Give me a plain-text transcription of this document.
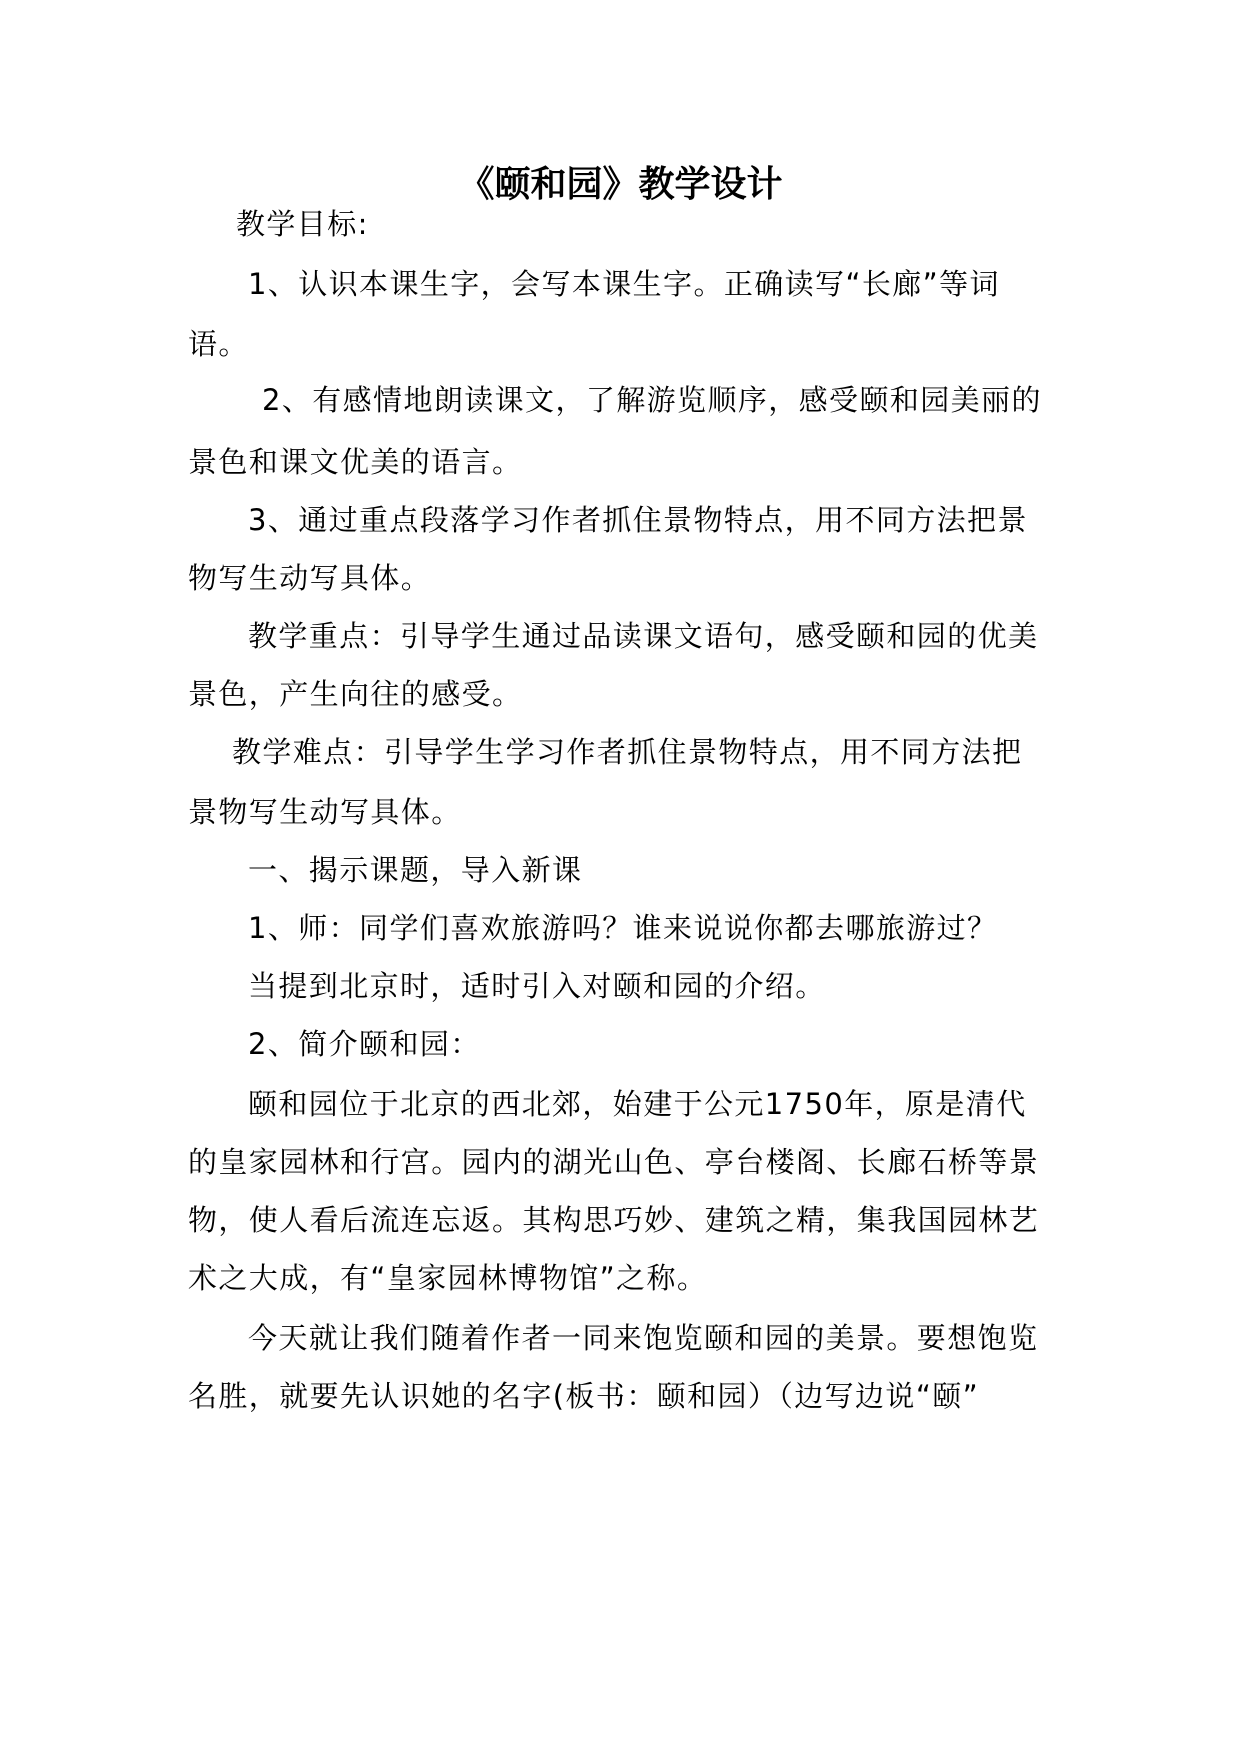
《颐和园》教学设计
教学目标:
1、认识本课生字，会写本课生字。正确读写“长廊”等词
语。
2、有感情地朗读课文，了解游览顺序，感受颐和园美丽的
景色和课文优美的语言。
3、通过重点段落学习作者抓住景物特点，用不同方法把景
物写生动写具体。
教学重点：引导学生通过品读课文语句，感受颐和园的优美
景色，产生向往的感受。
教学难点：引导学生学习作者抓住景物特点，用不同方法把
景物写生动写具体。
一、揭示课题，导入新课
1、师：同学们喜欢旅游吗？谁来说说你都去哪旅游过？
当提到北京时，适时引入对颐和园的介绍。
2、简介颐和园：
颐和园位于北京的西北郊，始建于公元1750年，原是清代
的皇家园林和行宫。园内的湖光山色、亭台楼阁、长廊石桥等景
物，使人看后流连忘返。其构思巧妙、建筑之精，集我国园林艺
术之大成，有“皇家园林博物馆”之称。
今天就让我们随着作者一同来饱览颐和园的美景。要想饱览
名胜，就要先认识她的名字(板书：颐和园）（边写边说“颐”
